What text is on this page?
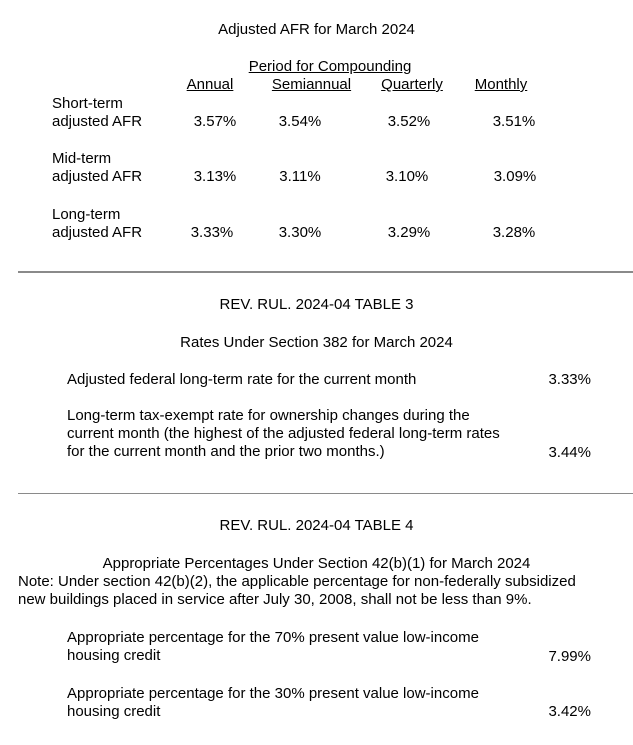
Adjusted AFR for March 2024
Period for Compounding
Annual	Semiannual	Quarterly	Monthly
Short-term
adjusted AFR	3.57%	3.54%	3.52%	3.51%
Mid-term
adjusted AFR	3.13%	3.11%	3.10%	3.09%
Long-term
adjusted AFR	3.33%	3.30%	3.29%	3.28%
REV. RUL. 2024-04 TABLE 3
Rates Under Section 382 for March 2024
Adjusted federal long-term rate for the current month	3.33%
Long-term tax-exempt rate for ownership changes during the current month (the highest of the adjusted federal long-term rates for the current month and the prior two months.)	3.44%
REV. RUL. 2024-04 TABLE 4
Appropriate Percentages Under Section 42(b)(1) for March 2024
Note: Under section 42(b)(2), the applicable percentage for non-federally subsidized new buildings placed in service after July 30, 2008, shall not be less than 9%.
Appropriate percentage for the 70% present value low-income housing credit	7.99%
Appropriate percentage for the 30% present value low-income housing credit	3.42%
